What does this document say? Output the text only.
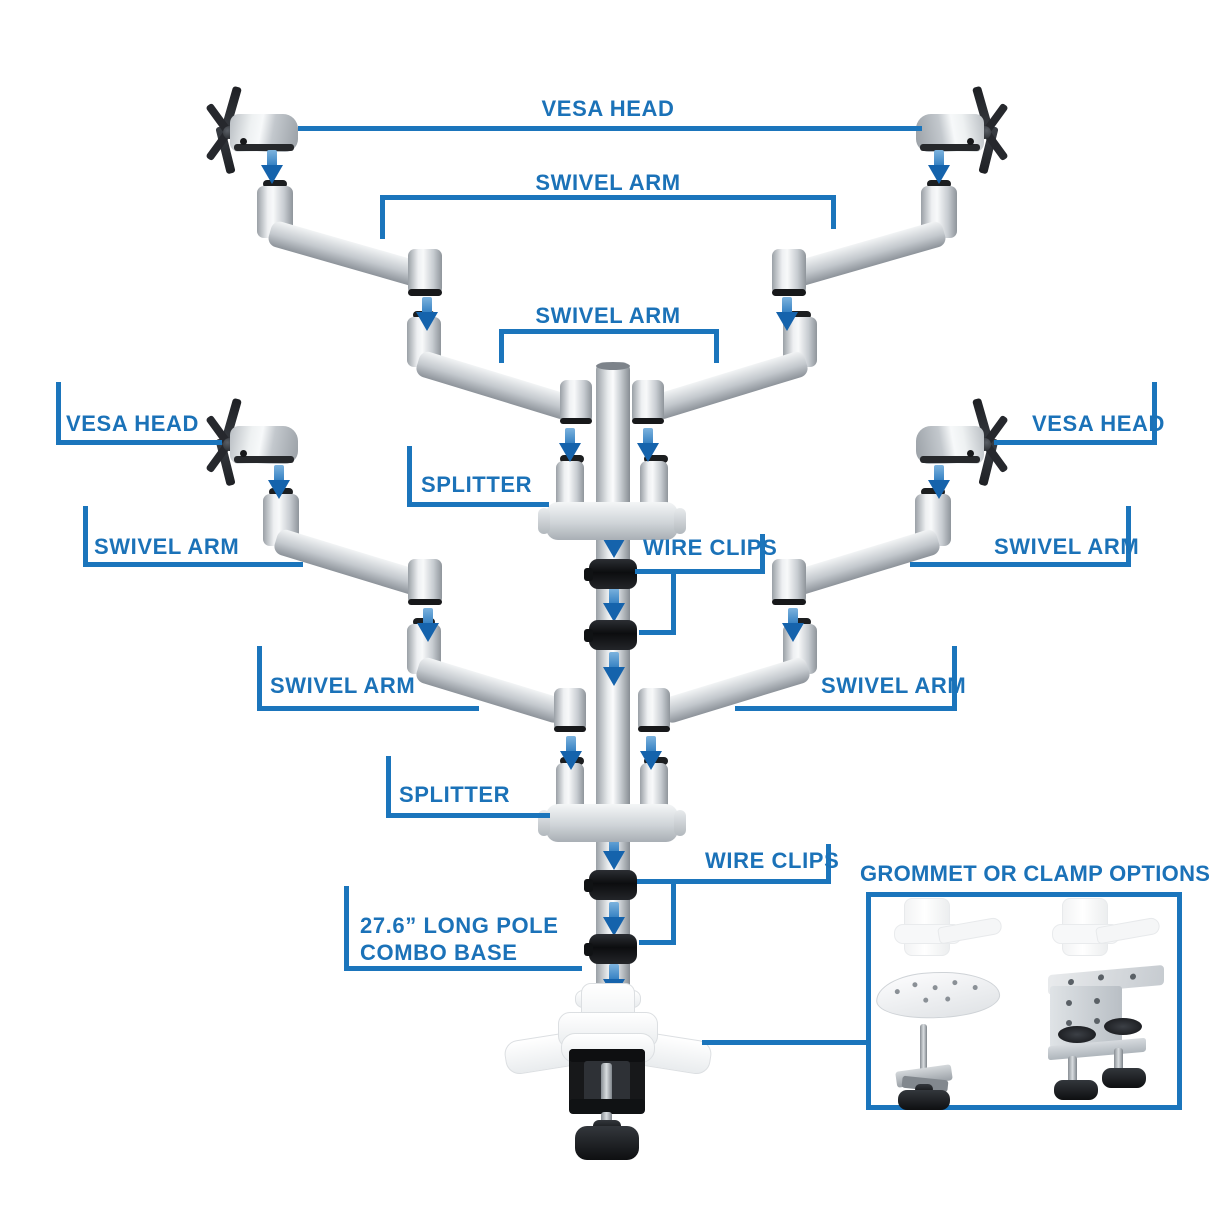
VESA HEAD
SWIVEL ARM
SWIVEL ARM
VESA HEAD	VESA HEAD
SPLITTER
SWIVEL ARM	SWIVEL ARM
WIRE CLIPS
SWIVEL ARM	SWIVEL ARM
SPLITTER
WIRE CLIPS
27.6” LONG POLE
COMBO BASE
GROMMET OR CLAMP OPTIONS
